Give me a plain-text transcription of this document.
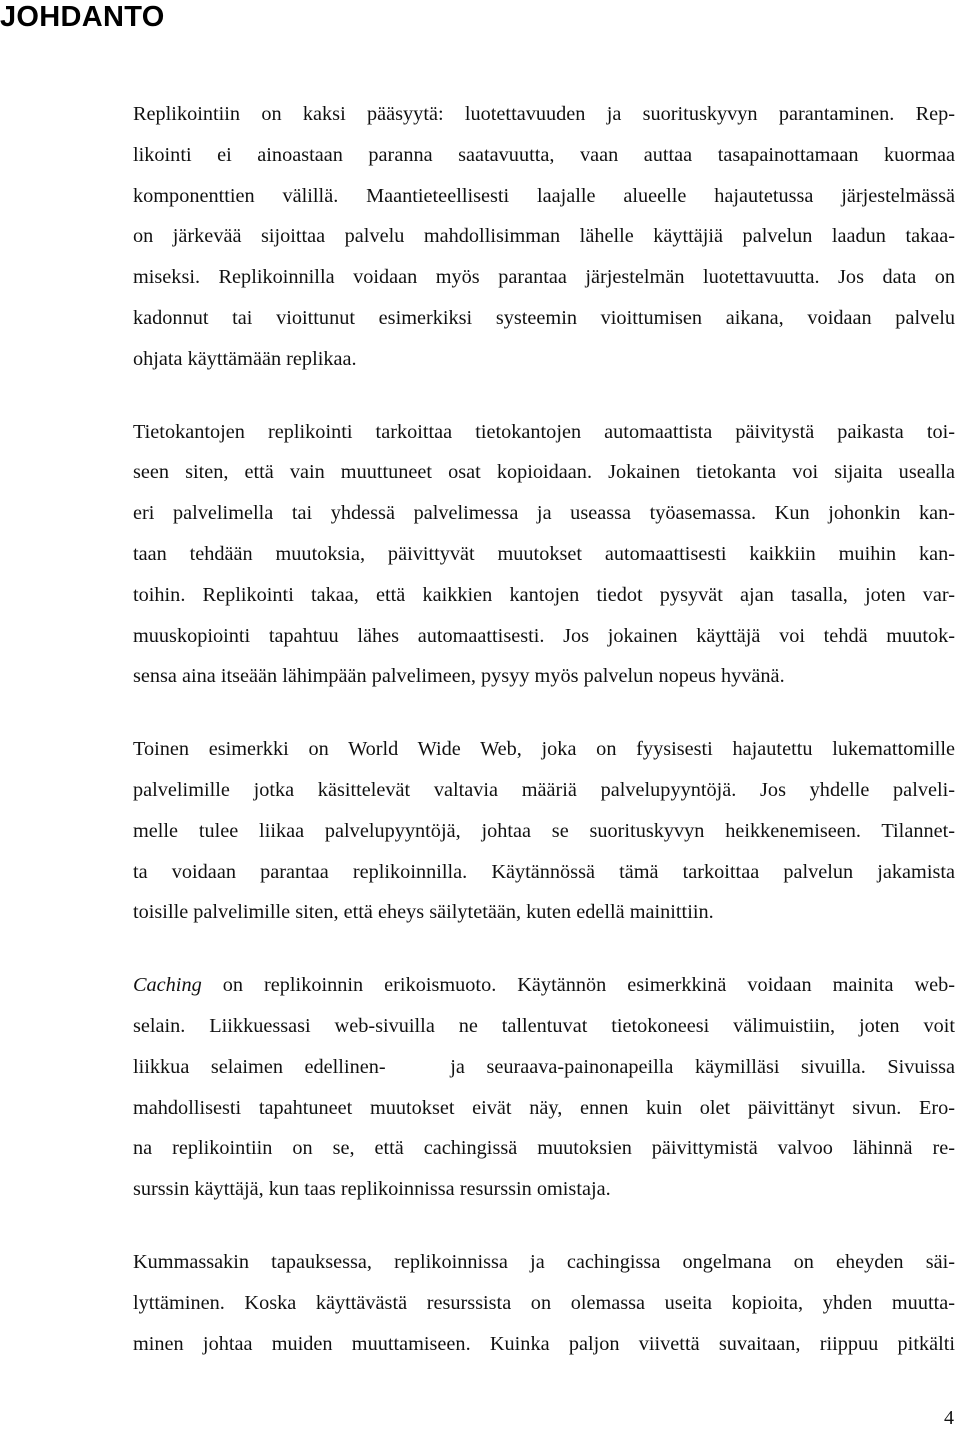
JOHDANTO
Replikointiin on kaksi pääsyytä: luotettavuuden ja suorituskyvyn parantaminen. Rep-
likointi ei ainoastaan paranna saatavuutta, vaan auttaa tasapainottamaan kuormaa
komponenttien välillä. Maantieteellisesti laajalle alueelle hajautetussa järjestelmässä
on järkevää sijoittaa palvelu mahdollisimman lähelle käyttäjiä palvelun laadun takaa-
miseksi. Replikoinnilla voidaan myös parantaa järjestelmän luotettavuutta. Jos data on
kadonnut tai vioittunut esimerkiksi systeemin vioittumisen aikana, voidaan palvelu
ohjata käyttämään replikaa.
Tietokantojen replikointi tarkoittaa tietokantojen automaattista päivitystä paikasta toi-
seen siten, että vain muuttuneet osat kopioidaan. Jokainen tietokanta voi sijaita usealla
eri palvelimella tai yhdessä palvelimessa ja useassa työasemassa. Kun johonkin kan-
taan tehdään muutoksia, päivittyvät muutokset automaattisesti kaikkiin muihin kan-
toihin. Replikointi takaa, että kaikkien kantojen tiedot pysyvät ajan tasalla, joten var-
muuskopiointi tapahtuu lähes automaattisesti. Jos jokainen käyttäjä voi tehdä muutok-
sensa aina itseään lähimpään palvelimeen, pysyy myös palvelun nopeus hyvänä.
Toinen esimerkki on World Wide Web, joka on fyysisesti hajautettu lukemattomille
palvelimille jotka käsittelevät valtavia määriä palvelupyyntöjä. Jos yhdelle palveli-
melle tulee liikaa palvelupyyntöjä, johtaa se suorituskyvyn heikkenemiseen. Tilannet-
ta voidaan parantaa replikoinnilla. Käytännössä tämä tarkoittaa palvelun jakamista
toisille palvelimille siten, että eheys säilytetään, kuten edellä mainittiin.
Caching on replikoinnin erikoismuoto. Käytännön esimerkkinä voidaan mainita web-
selain. Liikkuessasi web-sivuilla ne tallentuvat tietokoneesi välimuistiin, joten voit
liikkua selaimen edellinen-   ja seuraava-painonapeilla käymilläsi sivuilla. Sivuissa
mahdollisesti tapahtuneet muutokset eivät näy, ennen kuin olet päivittänyt sivun. Ero-
na replikointiin on se, että cachingissä muutoksien päivittymistä valvoo lähinnä re-
surssin käyttäjä, kun taas replikoinnissa resurssin omistaja.
Kummassakin tapauksessa, replikoinnissa ja cachingissa ongelmana on eheyden säi-
lyttäminen. Koska käyttävästä resurssista on olemassa useita kopioita, yhden muutta-
minen johtaa muiden muuttamiseen. Kuinka paljon viivettä suvaitaan, riippuu pitkälti
4
